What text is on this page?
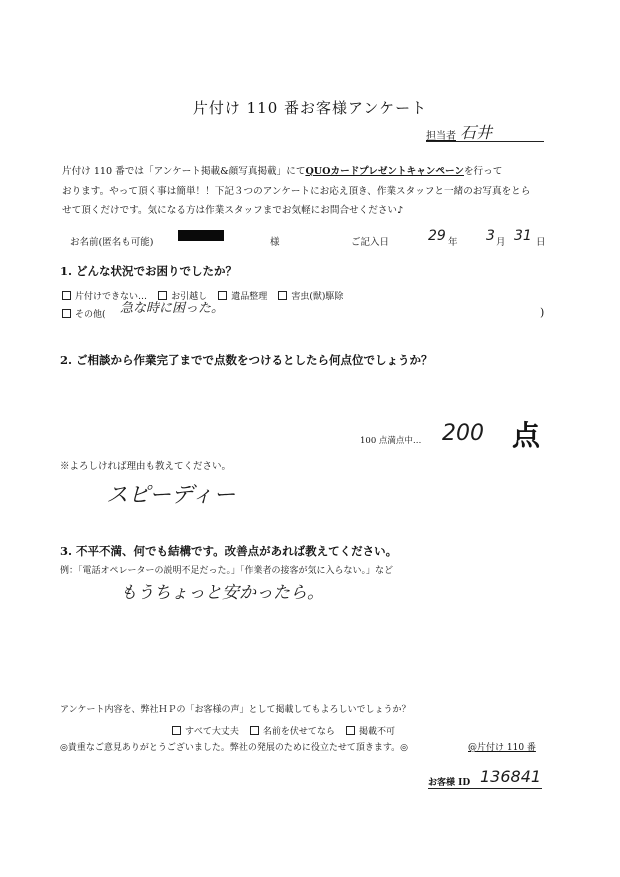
片付け 110 番お客様アンケート
担当者 石井
片付け 110 番では「アンケート掲載&顔写真掲載」にてQUOカードプレゼントキャンペーンを行って
おります。やって頂く事は簡単！！下記３つのアンケートにお応え頂き、作業スタッフと一緒のお写真をとら
せて頂くだけです。気になる方は作業スタッフまでお気軽にお問合せください♪
お名前(匿名も可能)	様	ご記入日	29 年 3 月 31 日
1. どんな状況でお困りでしたか？
片付けできない…	お引越し	遺品整理	害虫(獣)駆除
その他(	急な時に困った。	)
2. ご相談から作業完了までで点数をつけるとしたら何点位でしょうか？
100 点満点中… 200 点
※よろしければ理由も教えてください。
スピーディー
3. 不平不満、何でも結構です。改善点があれば教えてください。
例：「電話オペレーターの説明不足だった。」「作業者の接客が気に入らない。」など
もうちょっと安かったら。
アンケート内容を、弊社ＨＰの「お客様の声」として掲載してもよろしいでしょうか？
すべて大丈夫	名前を伏せてなら	掲載不可
◎貴重なご意見ありがとうございました。弊社の発展のために役立たせて頂きます。◎	@片付け 110 番
お客様 ID 136841
